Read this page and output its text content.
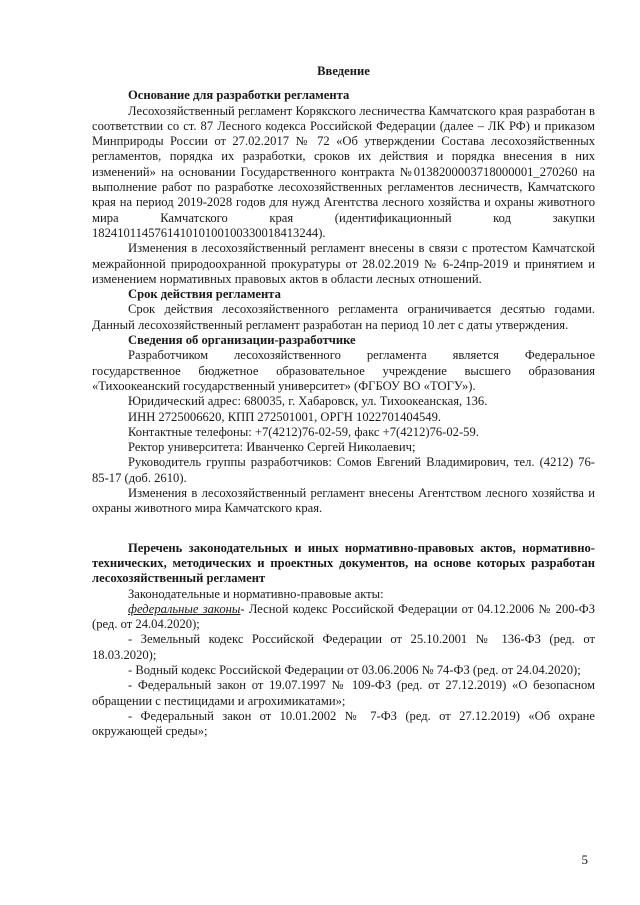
Введение

Основание для разработки регламента

Лесохозяйственный регламент Корякского лесничества Камчатского края разработан в соответствии со ст. 87 Лесного кодекса Российской Федерации (далее – ЛК РФ) и приказом Минприроды России от 27.02.2017 № 72 «Об утверждении Состава лесохозяйственных регламентов, порядка их разработки, сроков их действия и порядка внесения в них изменений» на основании Государственного контракта №0138200003718000001_270260 на выполнение работ по разработке лесохозяйственных регламентов лесничеств, Камчатского края на период 2019-2028 годов для нужд Агентства лесного хозяйства и охраны животного мира Камчатского края (идентификационный код закупки 182410114576141010100100330018413244).

Изменения в лесохозяйственный регламент внесены в связи с протестом Камчатской межрайонной природоохранной прокуратуры от 28.02.2019 № 6-24пр-2019 и принятием и изменением нормативных правовых актов в области лесных отношений.

Срок действия регламента

Срок действия лесохозяйственного регламента ограничивается десятью годами. Данный лесохозяйственный регламент разработан на период 10 лет с даты утверждения.

Сведения об организации-разработчике

Разработчиком лесохозяйственного регламента является Федеральное государственное бюджетное образовательное учреждение высшего образования «Тихоокеанский государственный университет» (ФГБОУ ВО «ТОГУ»).

Юридический адрес: 680035, г. Хабаровск, ул. Тихоокеанская, 136.

ИНН 2725006620, КПП 272501001, ОРГН 1022701404549.

Контактные телефоны: +7(4212)76-02-59, факс +7(4212)76-02-59.

Ректор университета: Иванченко Сергей Николаевич;

Руководитель группы разработчиков: Сомов Евгений Владимирович, тел. (4212) 76-85-17 (доб. 2610).

Изменения в лесохозяйственный регламент внесены Агентством лесного хозяйства и охраны животного мира Камчатского края.

Перечень законодательных и иных нормативно-правовых актов, нормативно-технических, методических и проектных документов, на основе которых разработан лесохозяйственный регламент

Законодательные и нормативно-правовые акты:

федеральные законы- Лесной кодекс Российской Федерации от 04.12.2006 № 200-ФЗ (ред. от 24.04.2020);

- Земельный кодекс Российской Федерации от 25.10.2001 № 136-ФЗ (ред. от 18.03.2020);

- Водный кодекс Российской Федерации от 03.06.2006 № 74-ФЗ (ред. от 24.04.2020);

- Федеральный закон от 19.07.1997 № 109-ФЗ (ред. от 27.12.2019) «О безопасном обращении с пестицидами и агрохимикатами»;

- Федеральный закон от 10.01.2002 № 7-ФЗ (ред. от 27.12.2019) «Об охране окружающей среды»;

5
